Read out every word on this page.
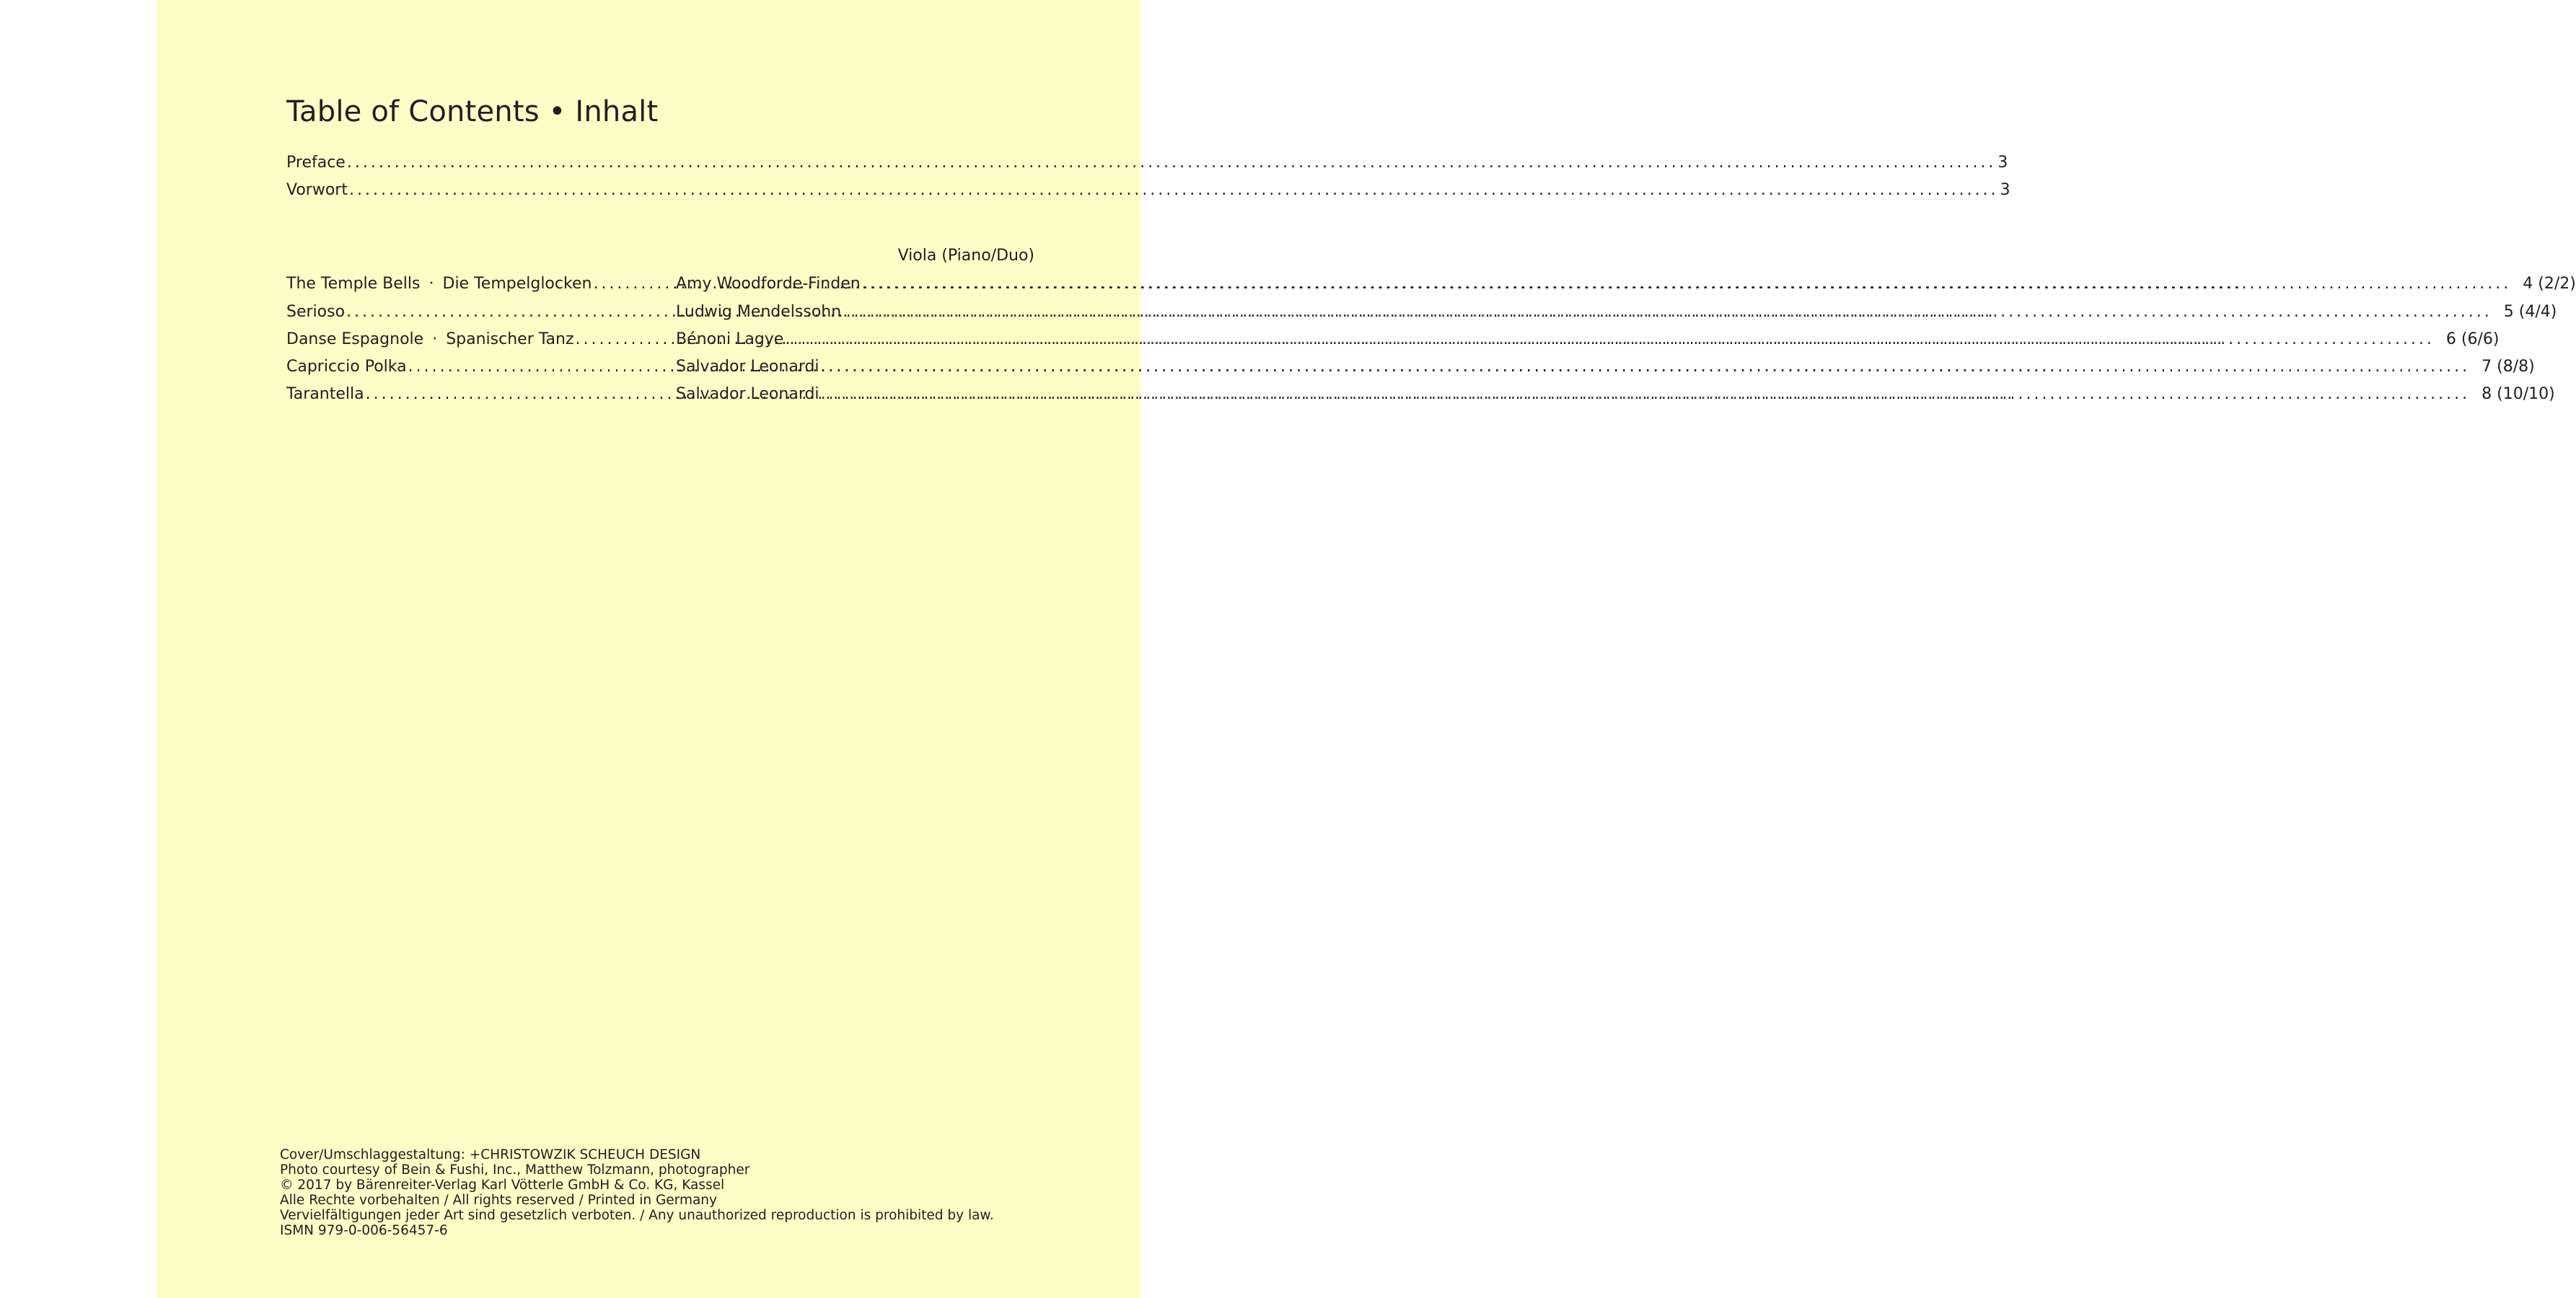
Table of Contents • Inhalt
Preface .....	3
Vorwort .....	3
Viola (Piano/Duo)
The Temple Bells · Die Tempelglocken .....	Amy Woodforde-Finden .....	4 (2/2)
Serioso .....	Ludwig Mendelssohn .....	5 (4/4)
Danse Espagnole · Spanischer Tanz .....	Bénoni Lagye .....	6 (6/6)
Capriccio Polka .....	Salvador Leonardi .....	7 (8/8)
Tarantella .....	Salvador Leonardi .....	8 (10/10)
Cover/Umschlaggestaltung: +CHRISTOWZIK SCHEUCH DESIGN
Photo courtesy of Bein & Fushi, Inc., Matthew Tolzmann, photographer
© 2017 by Bärenreiter-Verlag Karl Vötterle GmbH & Co. KG, Kassel
Alle Rechte vorbehalten / All rights reserved / Printed in Germany
Vervielfältigungen jeder Art sind gesetzlich verboten. / Any unauthorized reproduction is prohibited by law.
ISMN 979-0-006-56457-6
